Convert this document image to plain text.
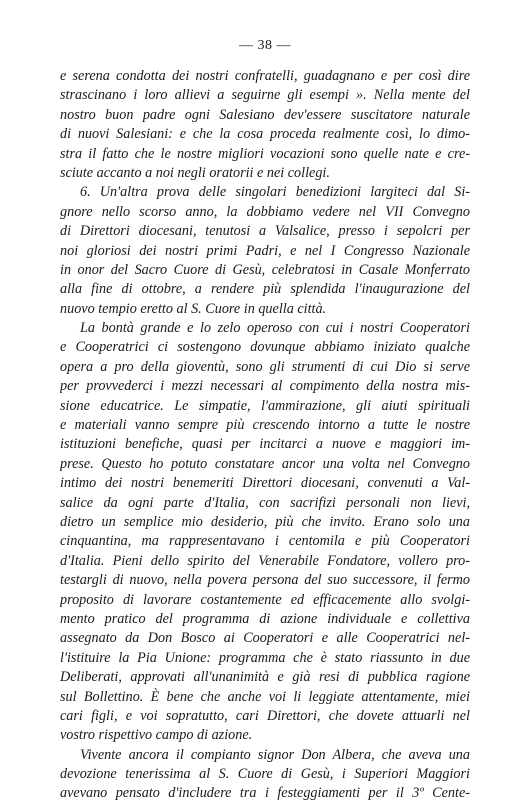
— 38 —
e serena condotta dei nostri confratelli, guadagnano e per così dire
strascinano i loro allievi a seguirne gli esempi ». Nella mente del
nostro buon padre ogni Salesiano dev'essere suscitatore naturale
di nuovi Salesiani: e che la cosa proceda realmente così, lo dimo-
stra il fatto che le nostre migliori vocazioni sono quelle nate e cre-
sciute accanto a noi negli oratorii e nei collegi.
6. Un'altra prova delle singolari benedizioni largiteci dal Si-
gnore nello scorso anno, la dobbiamo vedere nel VII Convegno
di Direttori diocesani, tenutosi a Valsalice, presso i sepolcri per
noi gloriosi dei nostri primi Padri, e nel I Congresso Nazionale
in onor del Sacro Cuore di Gesù, celebratosi in Casale Monferrato
alla fine di ottobre, a rendere più splendida l'inaugurazione del
nuovo tempio eretto al S. Cuore in quella città.
La bontà grande e lo zelo operoso con cui i nostri Cooperatori
e Cooperatrici ci sostengono dovunque abbiamo iniziato qualche
opera a pro della gioventù, sono gli strumenti di cui Dio si serve
per provvederci i mezzi necessari al compimento della nostra mis-
sione educatrice. Le simpatie, l'ammirazione, gli aiuti spirituali
e materiali vanno sempre più crescendo intorno a tutte le nostre
istituzioni benefiche, quasi per incitarci a nuove e maggiori im-
prese. Questo ho potuto constatare ancor una volta nel Convegno
intimo dei nostri benemeriti Direttori diocesani, convenuti a Val-
salice da ogni parte d'Italia, con sacrifizi personali non lievi,
dietro un semplice mio desiderio, più che invito. Erano solo una
cinquantina, ma rappresentavano i centomila e più Cooperatori
d'Italia. Pieni dello spirito del Venerabile Fondatore, vollero pro-
testargli di nuovo, nella povera persona del suo successore, il fermo
proposito di lavorare costantemente ed efficacemente allo svolgi-
mento pratico del programma di azione individuale e collettiva
assegnato da Don Bosco ai Cooperatori e alle Cooperatrici nel-
l'istituire la Pia Unione: programma che è stato riassunto in due
Deliberati, approvati all'unanimità e già resi di pubblica ragione
sul Bollettino. È bene che anche voi li leggiate attentamente, miei
cari figli, e voi sopratutto, cari Direttori, che dovete attuarli nel
vostro rispettivo campo di azione.
Vivente ancora il compianto signor Don Albera, che aveva una
devozione tenerissima al S. Cuore di Gesù, i Superiori Maggiori
avevano pensato d'includere tra i festeggiamenti per il 3º Cente-
